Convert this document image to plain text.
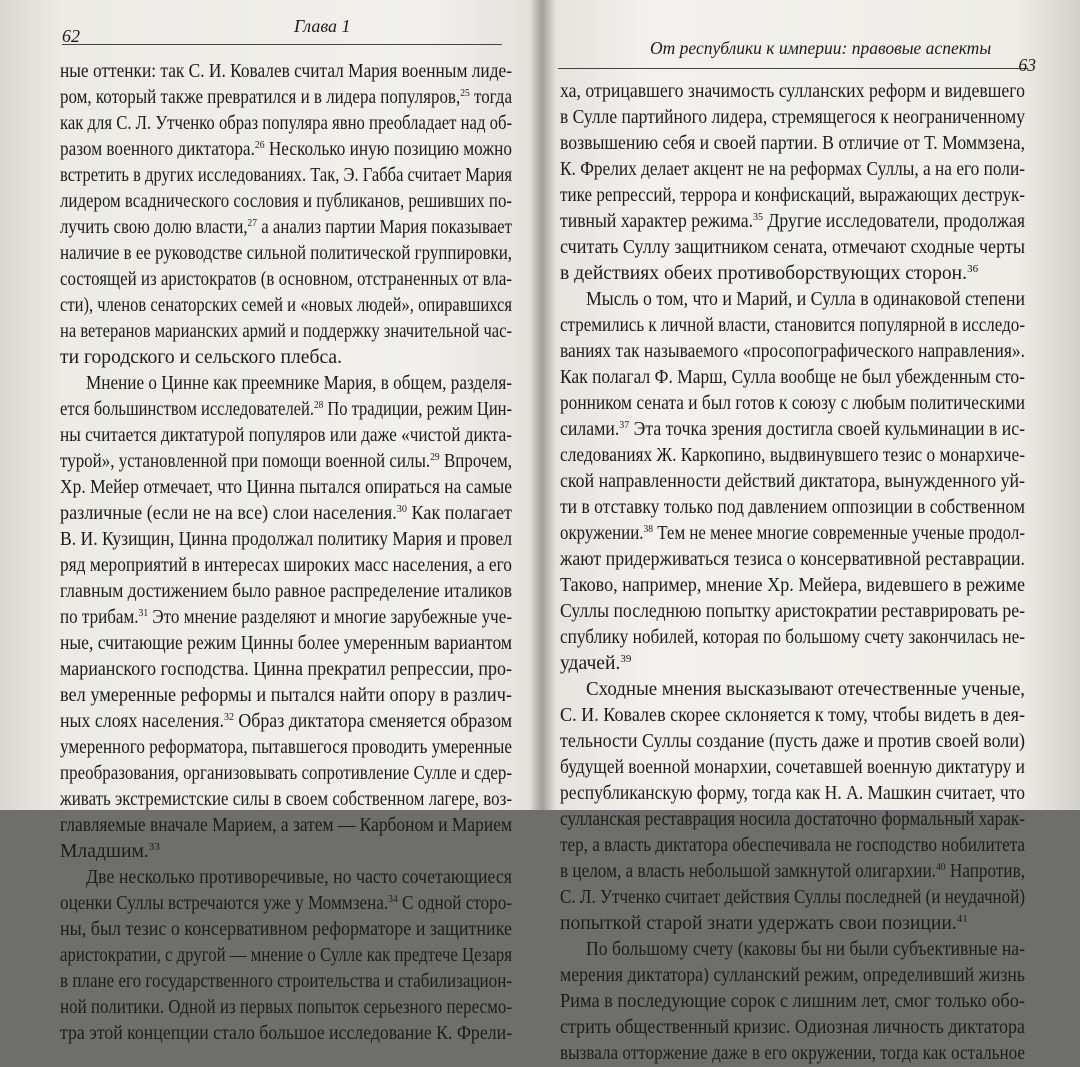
62	Глава 1
ные оттенки: так С. И. Ковалев считал Мария военным лиде-
ром, который также превратился и в лидера популяров,$^{25}$ тогда
как для С. Л. Утченко образ популяра явно преобладает над об-
разом военного диктатора.$^{26}$ Несколько иную позицию можно
встретить в других исследованиях. Так, Э. Габба считает Мария
лидером всаднического сословия и публиканов, решивших по-
лучить свою долю власти,$^{27}$ а анализ партии Мария показывает
наличие в ее руководстве сильной политической группировки,
состоящей из аристократов (в основном, отстраненных от вла-
сти), членов сенаторских семей и «новых людей», опиравшихся
на ветеранов марианских армий и поддержку значительной час-
ти городского и сельского плебса.
Мнение о Цинне как преемнике Мария, в общем, разделя-
ется большинством исследователей.$^{28}$ По традиции, режим Цин-
ны считается диктатурой популяров или даже «чистой дикта-
турой», установленной при помощи военной силы.$^{29}$ Впрочем,
Хр. Мейер отмечает, что Цинна пытался опираться на самые
различные (если не на все) слои населения.$^{30}$ Как полагает
В. И. Кузищин, Цинна продолжал политику Мария и провел
ряд мероприятий в интересах широких масс населения, а его
главным достижением было равное распределение италиков
по трибам.$^{31}$ Это мнение разделяют и многие зарубежные уче-
ные, считающие режим Цинны более умеренным вариантом
марианского господства. Цинна прекратил репрессии, про-
вел умеренные реформы и пытался найти опору в различ-
ных слоях населения.$^{32}$ Образ диктатора сменяется образом
умеренного реформатора, пытавшегося проводить умеренные
преобразования, организовывать сопротивление Сулле и сдер-
живать экстремистские силы в своем собственном лагере, воз-
главляемые вначале Марием, а затем — Карбоном и Марием
Младшим.$^{33}$
Две несколько противоречивые, но часто сочетающиеся
оценки Суллы встречаются уже у Моммзена.$^{34}$ С одной сторо-
ны, был тезис о консервативном реформаторе и защитнике
аристократии, с другой — мнение о Сулле как предтече Цезаря
в плане его государственного строительства и стабилизацион-
ной политики. Одной из первых попыток серьезного пересмо-
тра этой концепции стало большое исследование К. Фрели-
От республики к империи: правовые аспекты
63
ха, отрицавшего значимость сулланских реформ и видевшего
в Сулле партийного лидера, стремящегося к неограниченному
возвышению себя и своей партии. В отличие от Т. Моммзена,
К. Фрелих делает акцент не на реформах Суллы, а на его поли-
тике репрессий, террора и конфискаций, выражающих деструк-
тивный характер режима.$^{35}$ Другие исследователи, продолжая
считать Суллу защитником сената, отмечают сходные черты
в действиях обеих противоборствующих сторон.$^{36}$
Мысль о том, что и Марий, и Сулла в одинаковой степени
стремились к личной власти, становится популярной в исследо-
ваниях так называемого «просопографического направления».
Как полагал Ф. Марш, Сулла вообще не был убежденным сто-
ронником сената и был готов к союзу с любым политическими
силами.$^{37}$ Эта точка зрения достигла своей кульминации в ис-
следованиях Ж. Каркопино, выдвинувшего тезис о монархиче-
ской направленности действий диктатора, вынужденного уй-
ти в отставку только под давлением оппозиции в собственном
окружении.$^{38}$ Тем не менее многие современные ученые продол-
жают придерживаться тезиса о консервативной реставрации.
Таково, например, мнение Хр. Мейера, видевшего в режиме
Суллы последнюю попытку аристократии реставрировать ре-
спублику нобилей, которая по большому счету закончилась не-
удачей.$^{39}$
Сходные мнения высказывают отечественные ученые,
С. И. Ковалев скорее склоняется к тому, чтобы видеть в дея-
тельности Суллы создание (пусть даже и против своей воли)
будущей военной монархии, сочетавшей военную диктатуру и
республиканскую форму, тогда как Н. А. Машкин считает, что
сулланская реставрация носила достаточно формальный харак-
тер, а власть диктатора обеспечивала не господство нобилитета
в целом, а власть небольшой замкнутой олигархии.$^{40}$ Напротив,
С. Л. Утченко считает действия Суллы последней (и неудачной)
попыткой старой знати удержать свои позиции.$^{41}$
По большому счету (каковы бы ни были субъективные на-
мерения диктатора) сулланский режим, определивший жизнь
Рима в последующие сорок с лишним лет, смог только обо-
стрить общественный кризис. Одиозная личность диктатора
вызвала отторжение даже в его окружении, тогда как остальное
